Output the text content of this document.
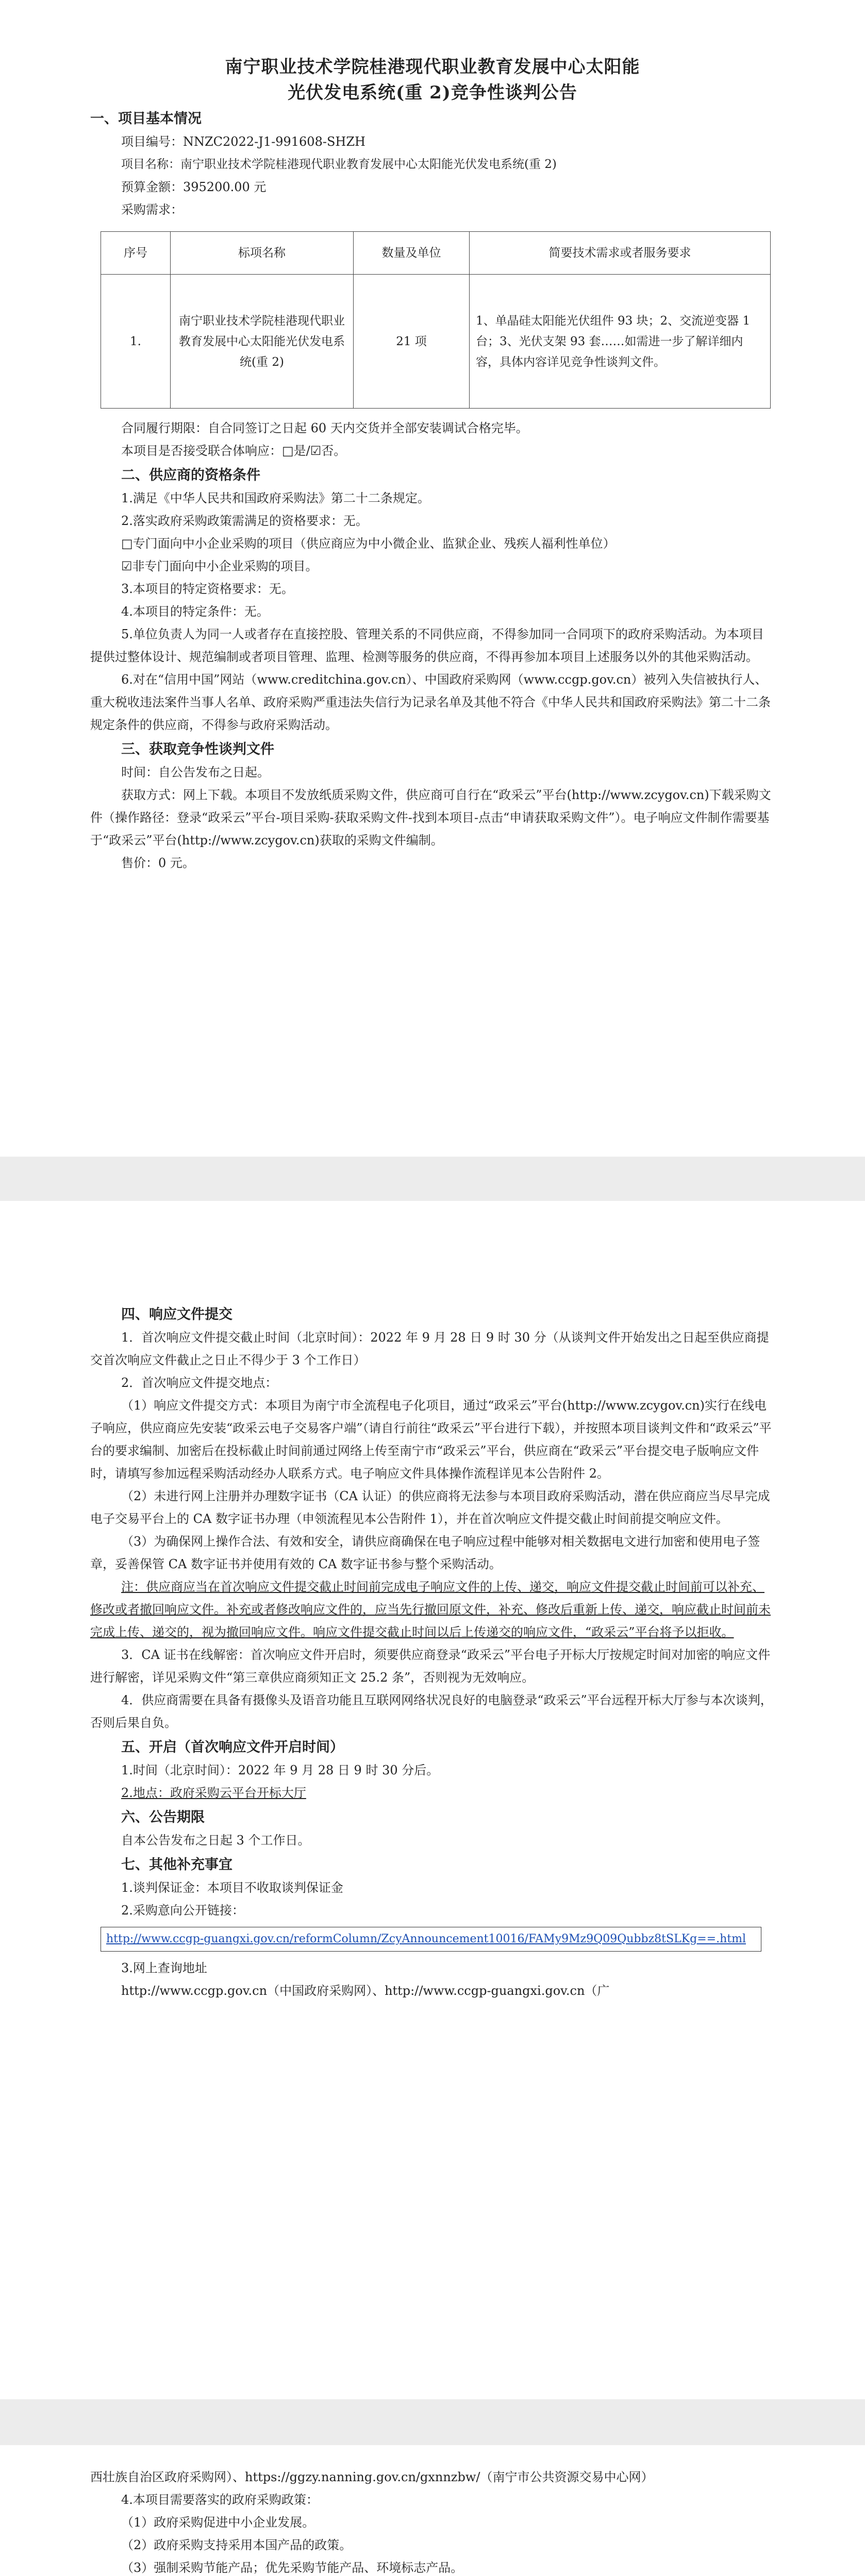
南宁职业技术学院桂港现代职业教育发展中心太阳能
光伏发电系统(重 2)竞争性谈判公告
一、项目基本情况

项目编号：NNZC2022-J1-991608-SHZH

项目名称：南宁职业技术学院桂港现代职业教育发展中心太阳能光伏发电系统(重 2)

预算金额：395200.00 元

采购需求：

序号	标项名称	数量及单位	简要技术需求或者服务要求
1.	南宁职业技术学院桂港现代职业教育发展中心太阳能光伏发电系统(重 2)	21 项	1、单晶硅太阳能光伏组件 93 块；2、交流逆变器 1 台；3、光伏支架 93 套……如需进一步了解详细内容，具体内容详见竞争性谈判文件。

合同履行期限：自合同签订之日起 60 天内交货并全部安装调试合格完毕。

本项目是否接受联合体响应：□是/☑否。

二、供应商的资格条件

1.满足《中华人民共和国政府采购法》第二十二条规定。

2.落实政府采购政策需满足的资格要求：无。

□专门面向中小企业采购的项目（供应商应为中小微企业、监狱企业、残疾人福利性单位）

☑非专门面向中小企业采购的项目。

3.本项目的特定资格要求：无。

4.本项目的特定条件：无。

5.单位负责人为同一人或者存在直接控股、管理关系的不同供应商，不得参加同一合同项下的政府采购活动。为本项目提供过整体设计、规范编制或者项目管理、监理、检测等服务的供应商，不得再参加本项目上述服务以外的其他采购活动。

6.对在“信用中国”网站（www.creditchina.gov.cn）、中国政府采购网（www.ccgp.gov.cn）被列入失信被执行人、重大税收违法案件当事人名单、政府采购严重违法失信行为记录名单及其他不符合《中华人民共和国政府采购法》第二十二条规定条件的供应商，不得参与政府采购活动。

三、获取竞争性谈判文件

时间：自公告发布之日起。

获取方式：网上下载。本项目不发放纸质采购文件，供应商可自行在“政采云”平台(http://www.zcygov.cn)下载采购文件（操作路径：登录“政采云”平台-项目采购-获取采购文件-找到本项目-点击“申请获取采购文件”）。电子响应文件制作需要基于“政采云”平台(http://www.zcygov.cn)获取的采购文件编制。

售价：0 元。

四、响应文件提交

1．首次响应文件提交截止时间（北京时间）：2022 年 9 月 28 日 9 时 30 分（从谈判文件开始发出之日起至供应商提交首次响应文件截止之日止不得少于 3 个工作日）

2．首次响应文件提交地点：

（1）响应文件提交方式：本项目为南宁市全流程电子化项目，通过“政采云”平台(http://www.zcygov.cn)实行在线电子响应，供应商应先安装“政采云电子交易客户端”（请自行前往“政采云”平台进行下载），并按照本项目谈判文件和“政采云”平台的要求编制、加密后在投标截止时间前通过网络上传至南宁市“政采云”平台，供应商在“政采云”平台提交电子版响应文件时，请填写参加远程采购活动经办人联系方式。电子响应文件具体操作流程详见本公告附件 2。

（2）未进行网上注册并办理数字证书（CA 认证）的供应商将无法参与本项目政府采购活动，潜在供应商应当尽早完成电子交易平台上的 CA 数字证书办理（申领流程见本公告附件 1），并在首次响应文件提交截止时间前提交响应文件。

（3）为确保网上操作合法、有效和安全，请供应商确保在电子响应过程中能够对相关数据电文进行加密和使用电子签章，妥善保管 CA 数字证书并使用有效的 CA 数字证书参与整个采购活动。

注：供应商应当在首次响应文件提交截止时间前完成电子响应文件的上传、递交，响应文件提交截止时间前可以补充、修改或者撤回响应文件。补充或者修改响应文件的，应当先行撤回原文件，补充、修改后重新上传、递交，响应截止时间前未完成上传、递交的，视为撤回响应文件。响应文件提交截止时间以后上传递交的响应文件，“政采云”平台将予以拒收。

3．CA 证书在线解密：首次响应文件开启时，须要供应商登录“政采云”平台电子开标大厅按规定时间对加密的响应文件进行解密，详见采购文件“第三章供应商须知正文 25.2 条”，否则视为无效响应。

4．供应商需要在具备有摄像头及语音功能且互联网网络状况良好的电脑登录“政采云”平台远程开标大厅参与本次谈判，否则后果自负。

五、开启（首次响应文件开启时间）

1.时间（北京时间）：2022 年 9 月 28 日 9 时 30 分后。

2.地点：政府采购云平台开标大厅

六、公告期限

自本公告发布之日起 3 个工作日。

七、其他补充事宜

1.谈判保证金：本项目不收取谈判保证金

2.采购意向公开链接：

http://www.ccgp-guangxi.gov.cn/reformColumn/ZcyAnnouncement10016/FAMy9Mz9Q09Qubbz8tSLKg==.html

3.网上查询地址

http://www.ccgp.gov.cn（中国政府采购网）、http://www.ccgp-guangxi.gov.cn（广

西壮族自治区政府采购网）、https://ggzy.nanning.gov.cn/gxnnzbw/（南宁市公共资源交易中心网）

4.本项目需要落实的政府采购政策：

（1）政府采购促进中小企业发展。

（2）政府采购支持采用本国产品的政策。

（3）强制采购节能产品；优先采购节能产品、环境标志产品。
